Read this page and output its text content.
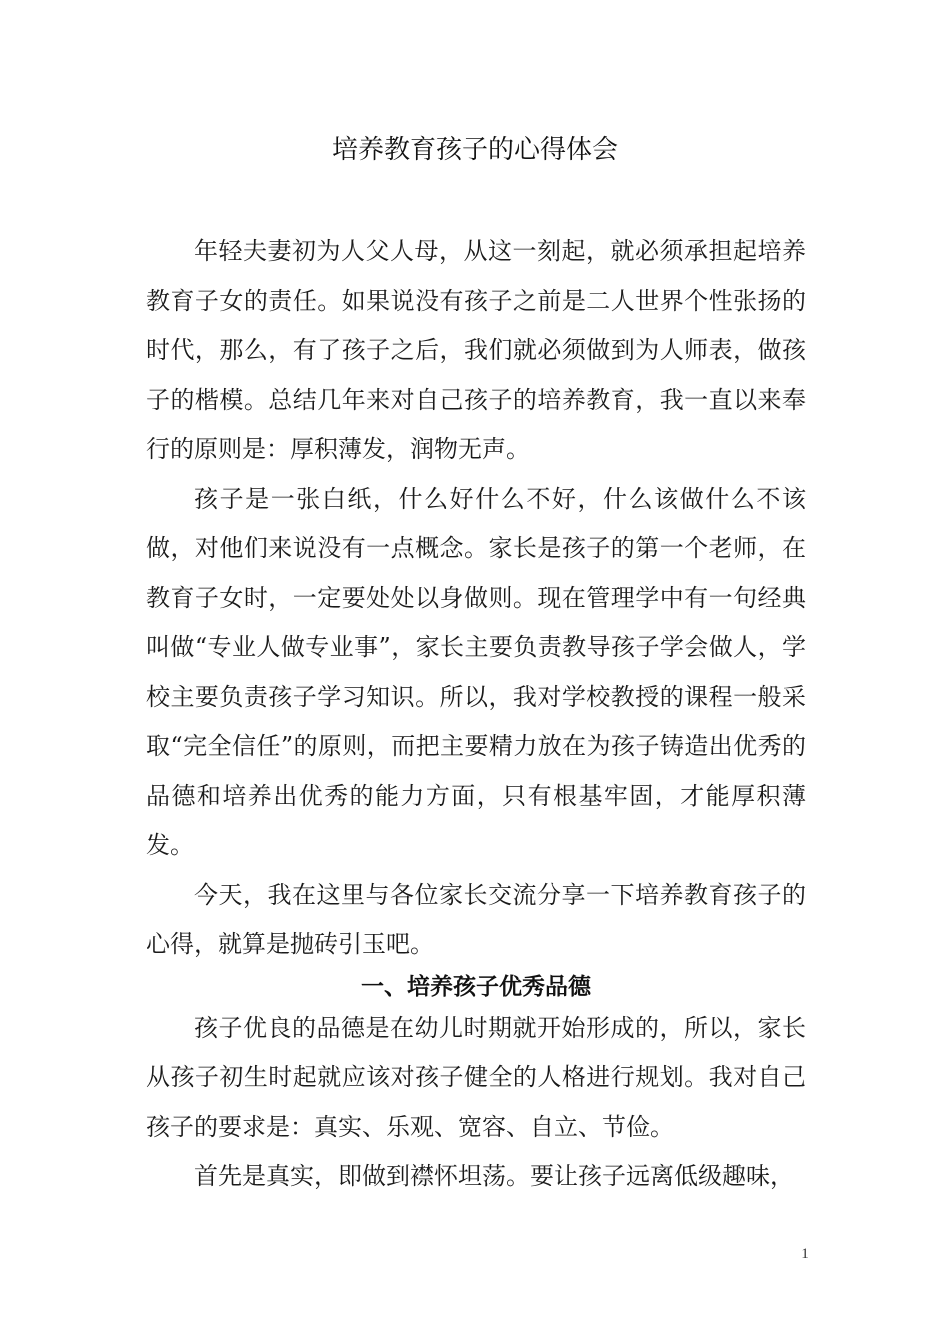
培养教育孩子的心得体会

年轻夫妻初为人父人母，从这一刻起，就必须承担起培养教育子女的责任。如果说没有孩子之前是二人世界个性张扬的时代，那么，有了孩子之后，我们就必须做到为人师表，做孩子的楷模。总结几年来对自己孩子的培养教育，我一直以来奉行的原则是：厚积薄发，润物无声。

孩子是一张白纸，什么好什么不好，什么该做什么不该做，对他们来说没有一点概念。家长是孩子的第一个老师，在教育子女时，一定要处处以身做则。现在管理学中有一句经典叫做“专业人做专业事”，家长主要负责教导孩子学会做人，学校主要负责孩子学习知识。所以，我对学校教授的课程一般采取“完全信任”的原则，而把主要精力放在为孩子铸造出优秀的品德和培养出优秀的能力方面，只有根基牢固，才能厚积薄发。

今天，我在这里与各位家长交流分享一下培养教育孩子的心得，就算是抛砖引玉吧。

一、培养孩子优秀品德

孩子优良的品德是在幼儿时期就开始形成的，所以，家长从孩子初生时起就应该对孩子健全的人格进行规划。我对自己孩子的要求是：真实、乐观、宽容、自立、节俭。

首先是真实，即做到襟怀坦荡。要让孩子远离低级趣味，

1
